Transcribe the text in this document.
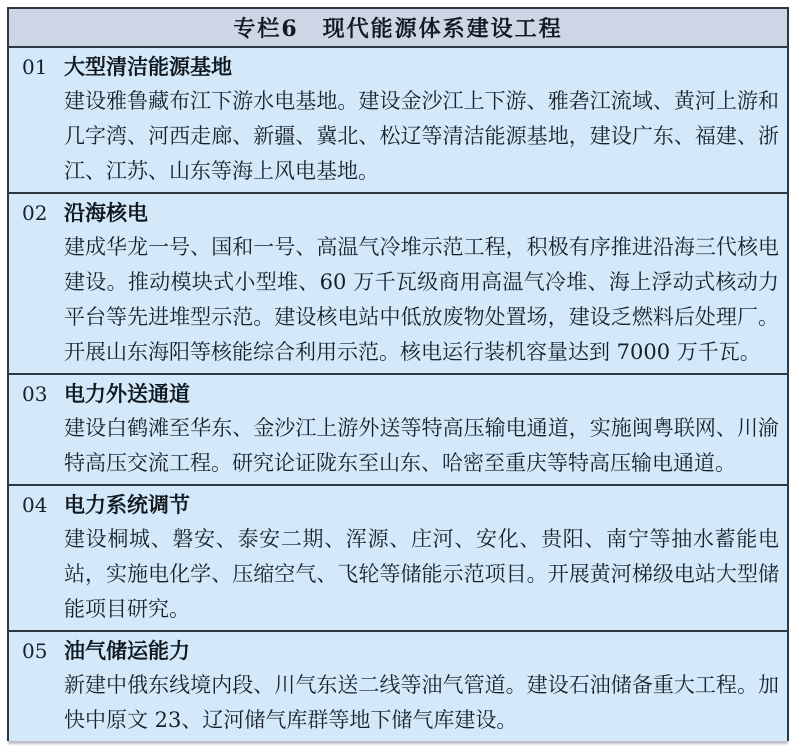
专栏6　现代能源体系建设工程
01 大型清洁能源基地
建设雅鲁藏布江下游水电基地。建设金沙江上下游、雅砻江流域、黄河上游和几字湾、河西走廊、新疆、冀北、松辽等清洁能源基地，建设广东、福建、浙江、江苏、山东等海上风电基地。
02 沿海核电
建成华龙一号、国和一号、高温气冷堆示范工程，积极有序推进沿海三代核电建设。推动模块式小型堆、60 万千瓦级商用高温气冷堆、海上浮动式核动力平台等先进堆型示范。建设核电站中低放废物处置场，建设乏燃料后处理厂。开展山东海阳等核能综合利用示范。核电运行装机容量达到 7000 万千瓦。
03 电力外送通道
建设白鹤滩至华东、金沙江上游外送等特高压输电通道，实施闽粤联网、川渝特高压交流工程。研究论证陇东至山东、哈密至重庆等特高压输电通道。
04 电力系统调节
建设桐城、磐安、泰安二期、浑源、庄河、安化、贵阳、南宁等抽水蓄能电站，实施电化学、压缩空气、飞轮等储能示范项目。开展黄河梯级电站大型储能项目研究。
05 油气储运能力
新建中俄东线境内段、川气东送二线等油气管道。建设石油储备重大工程。加快中原文 23、辽河储气库群等地下储气库建设。
